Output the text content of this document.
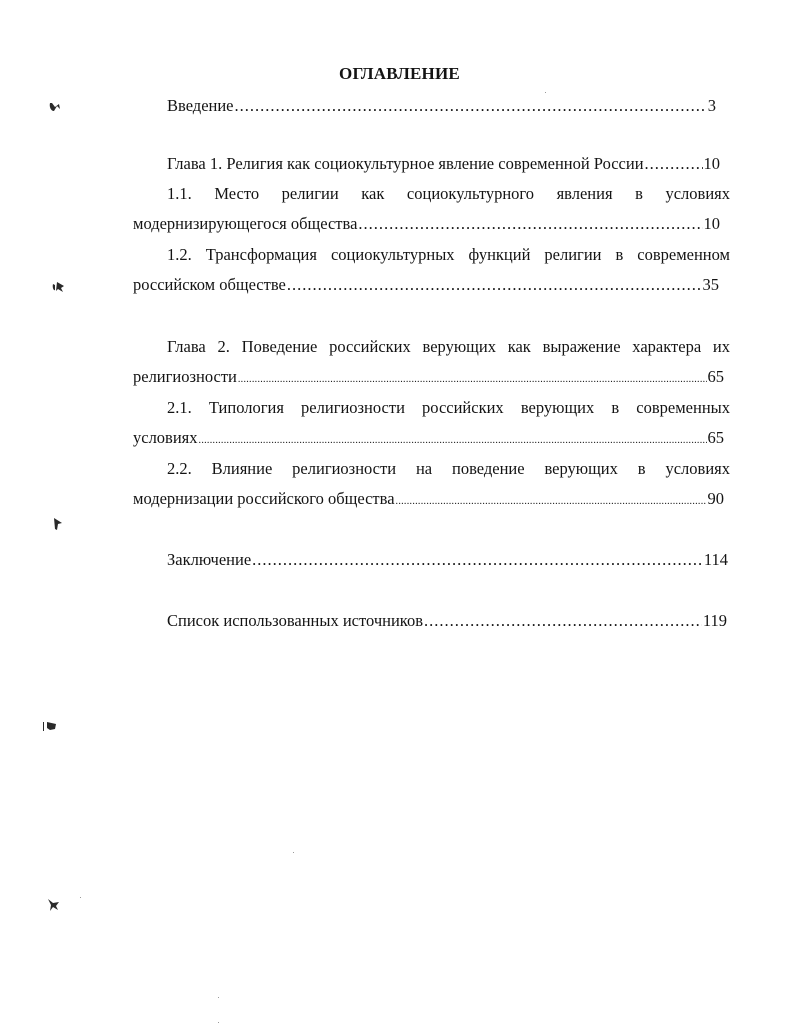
ОГЛАВЛЕНИЕ
Введение .....	3
Глава 1. Религия как социокультурное явление современной России .....	10
1.1. Место религии как социокультурного явления в условиях
модернизирующегося общества .....	10
1.2. Трансформация социокультурных функций религии в современном
российском обществе .....	35
Глава 2. Поведение российских верующих как выражение характера их
религиозности .....	65
2.1. Типология религиозности российских верующих в современных
условиях .....	65
2.2. Влияние религиозности на поведение верующих в условиях
модернизации российского общества .....	90
Заключение .....	114
Список использованных источников .....	119
